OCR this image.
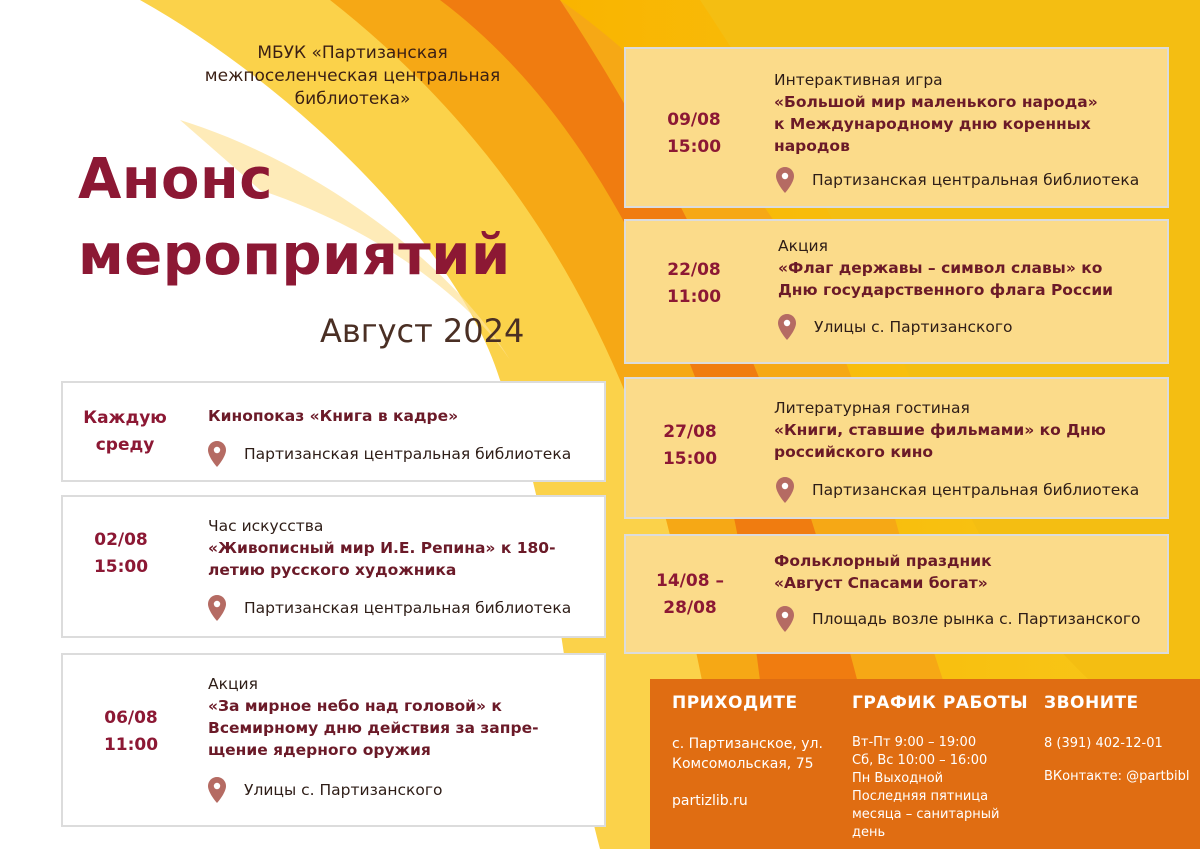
МБУК «Партизанская
межпоселенческая центральная
библиотека»
Анонс
мероприятий
Август 2024
Каждую
среду
Кинопоказ «Книга в кадре»
Партизанская центральная библиотека
02/08
15:00
Час искусства
«Живописный мир И.Е. Репина» к 180-
летию русского художника
Партизанская центральная библиотека
06/08
11:00
Акция
«За мирное небо над головой» к
Всемирному дню действия за запре-
щение ядерного оружия
Улицы с. Партизанского
09/08
15:00
Интерактивная игра
«Большой мир маленького народа»
к Международному дню коренных
народов
Партизанская центральная библиотека
22/08
11:00
Акция
«Флаг державы – символ славы» ко
Дню государственного флага России
Улицы с. Партизанского
27/08
15:00
Литературная гостиная
«Книги, ставшие фильмами» ко Дню
российского кино
Партизанская центральная библиотека
14/08 –
28/08
Фольклорный праздник
«Август Спасами богат»
Площадь возле рынка с. Партизанского
ПРИХОДИТЕ
с. Партизанское, ул.
Комсомольская, 75
partizlib.ru
ГРАФИК РАБОТЫ
Вт-Пт 9:00 – 19:00
Сб, Вс 10:00 – 16:00
Пн Выходной
Последняя пятница
месяца – санитарный
день
ЗВОНИТЕ
8 (391) 402-12-01
ВКонтакте: @partbibl
